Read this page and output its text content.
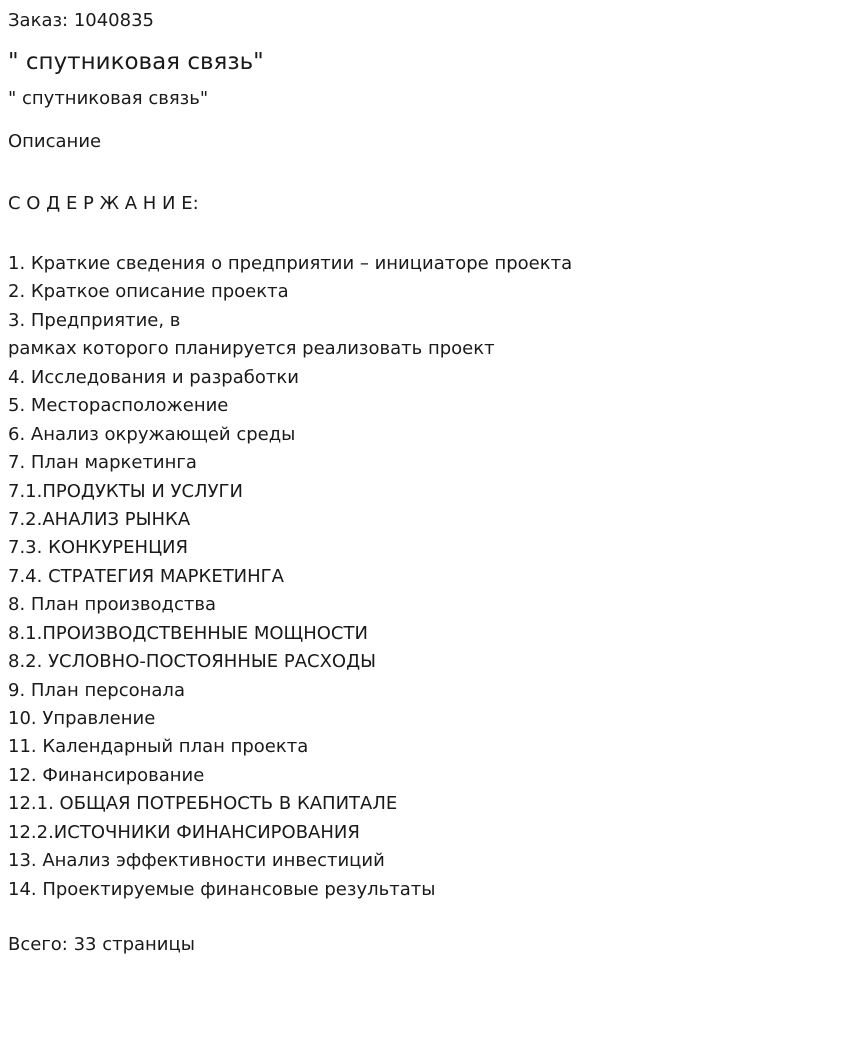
Заказ: 1040835
" спутниковая связь"
" спутниковая связь"
Описание
С О Д Е Р Ж А Н И Е:
1. Краткие сведения о предприятии – инициаторе проекта
2. Краткое описание проекта
3. Предприятие, в
рамках которого планируется реализовать проект
4. Исследования и разработки
5. Месторасположение
6. Анализ окружающей среды
7. План маркетинга
7.1.ПРОДУКТЫ И УСЛУГИ
7.2.АНАЛИЗ РЫНКА
7.3. КОНКУРЕНЦИЯ
7.4. СТРАТЕГИЯ МАРКЕТИНГА
8. План производства
8.1.ПРОИЗВОДСТВЕННЫЕ МОЩНОСТИ
8.2. УСЛОВНО-ПОСТОЯННЫЕ РАСХОДЫ
9. План персонала
10. Управление
11. Календарный план проекта
12. Финансирование
12.1. ОБЩАЯ ПОТРЕБНОСТЬ В КАПИТАЛЕ
12.2.ИСТОЧНИКИ ФИНАНСИРОВАНИЯ
13. Анализ эффективности инвестиций
14. Проектируемые финансовые результаты
Всего: 33 страницы
